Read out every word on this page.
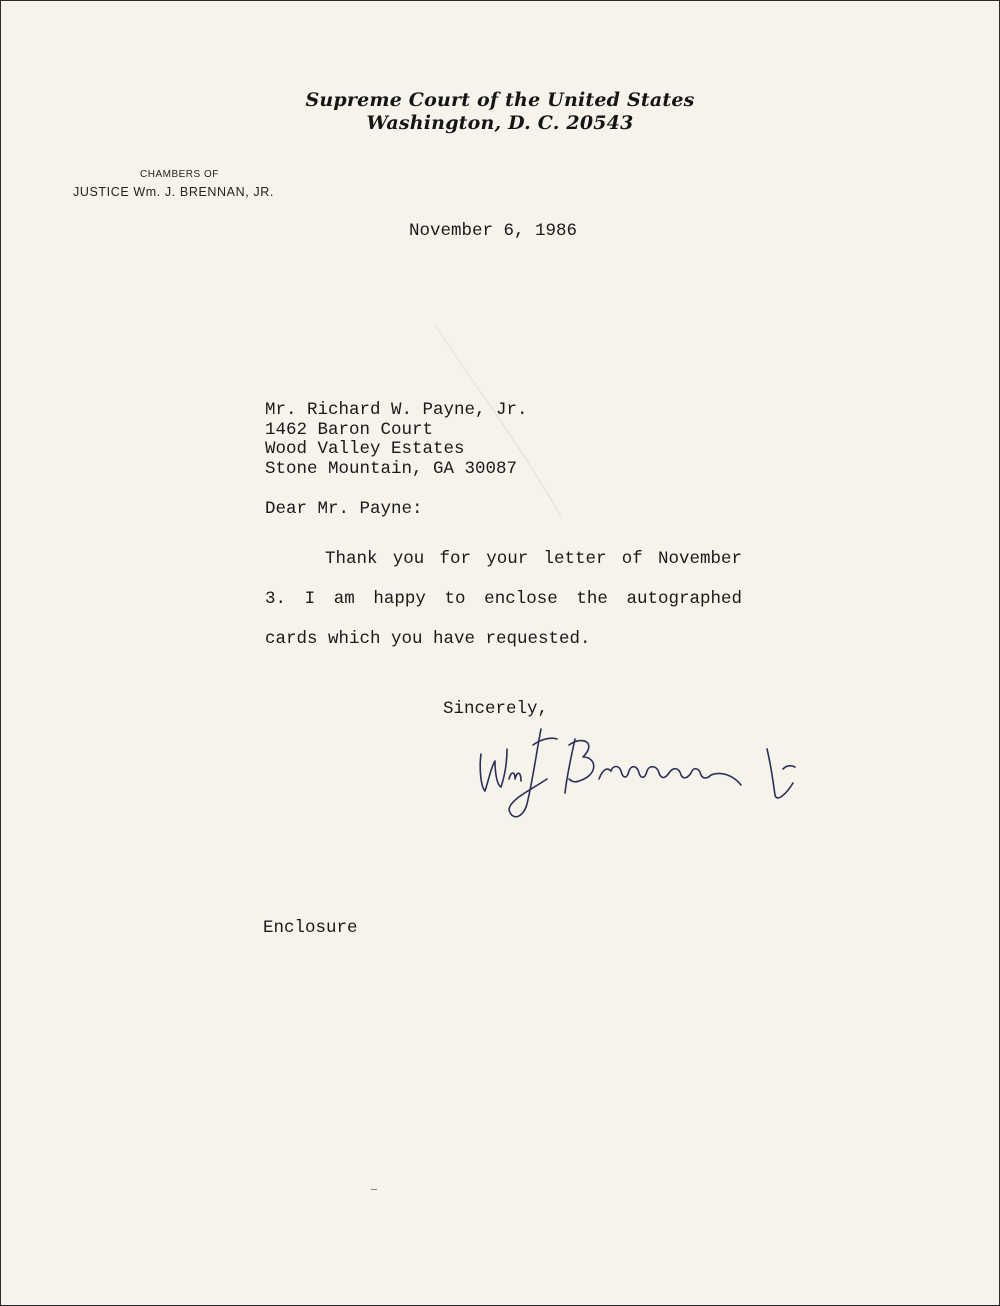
Supreme Court of the United States
Washington, D. C. 20543
CHAMBERS OF
JUSTICE Wm. J. BRENNAN, JR.
November 6, 1986
Mr. Richard W. Payne, Jr.
1462 Baron Court
Wood Valley Estates
Stone Mountain, GA 30087
Dear Mr. Payne:
Thank you for your letter of November 3. I am happy to enclose the autographed cards which you have requested.
Sincerely,
Enclosure
